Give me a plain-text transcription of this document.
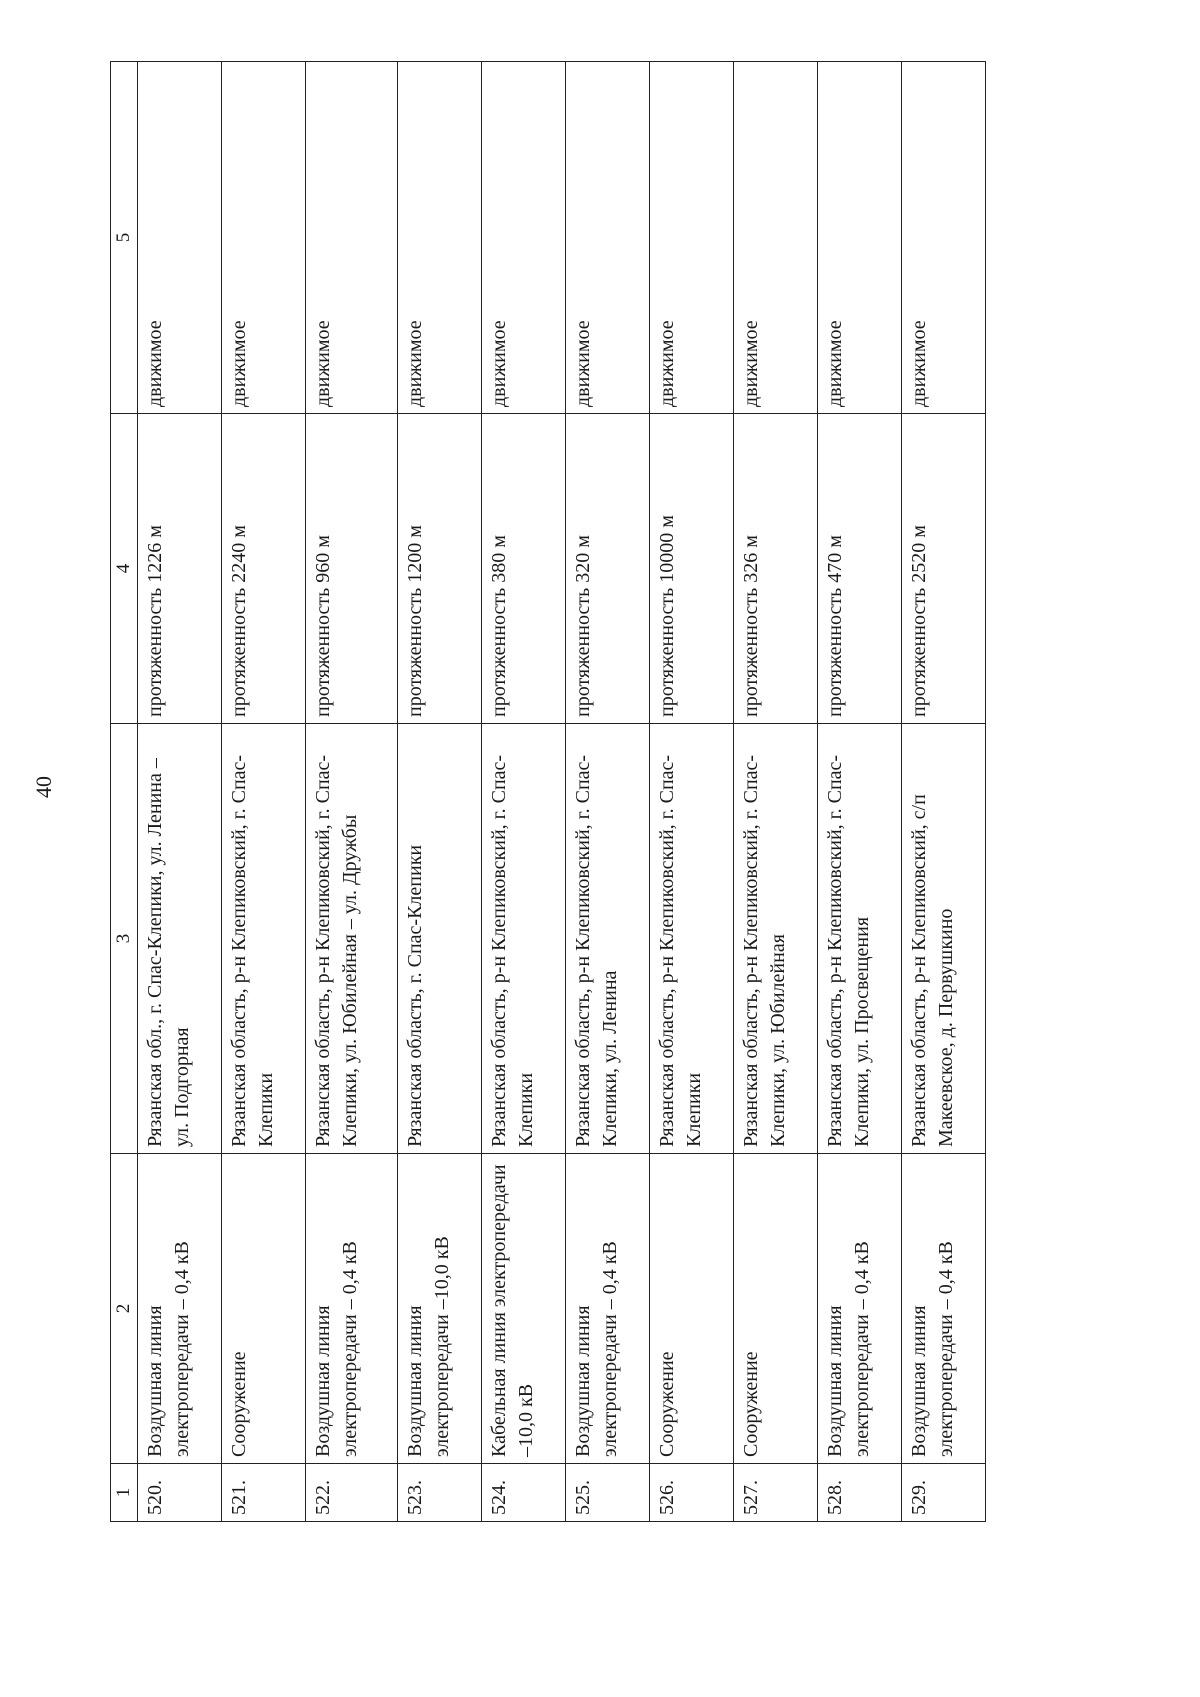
1	2	3	4	5
520.	Воздушная линия электропередачи – 0,4 кВ	Рязанская обл., г. Спас-Клепики, ул. Ленина – ул. Подгорная	протяженность 1226 м	движимое
521.	Сооружение	Рязанская область, р-н Клепиковский, г. Спас-Клепики	протяженность 2240 м	движимое
522.	Воздушная линия электропередачи – 0,4 кВ	Рязанская область, р-н Клепиковский, г. Спас-Клепики, ул. Юбилейная – ул. Дружбы	протяженность 960 м	движимое
523.	Воздушная линия электропередачи –10,0 кВ	Рязанская область, г. Спас-Клепики	протяженность 1200 м	движимое
524.	Кабельная линия электропередачи –10,0 кВ	Рязанская область, р-н Клепиковский, г. Спас-Клепики	протяженность 380 м	движимое
525.	Воздушная линия электропередачи – 0,4 кВ	Рязанская область, р-н Клепиковский, г. Спас-Клепики, ул. Ленина	протяженность 320 м	движимое
526.	Сооружение	Рязанская область, р-н Клепиковский, г. Спас-Клепики	протяженность 10000 м	движимое
527.	Сооружение	Рязанская область, р-н Клепиковский, г. Спас-Клепики, ул. Юбилейная	протяженность 326 м	движимое
528.	Воздушная линия электропередачи – 0,4 кВ	Рязанская область, р-н Клепиковский, г. Спас-Клепики, ул. Просвещения	протяженность 470 м	движимое
529.	Воздушная линия электропередачи – 0,4 кВ	Рязанская область, р-н Клепиковский, с/п Макеевское, д. Первушкино	протяженность 2520 м	движимое
40
